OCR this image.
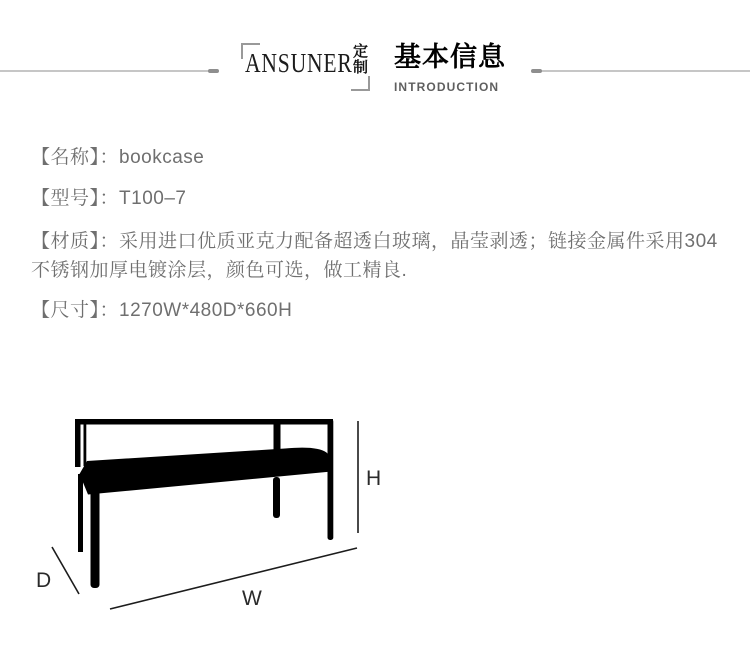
ANSUNER 定
制 基本信息
INTRODUCTION

【名称】：bookcase

【型号】：T100–7

【材质】：采用进口优质亚克力配备超透白玻璃，晶莹剥透；链接金属件采用304不锈钢加厚电镀涂层，颜色可选，做工精良.

【尺寸】：1270W*480D*660H

H
W
D
